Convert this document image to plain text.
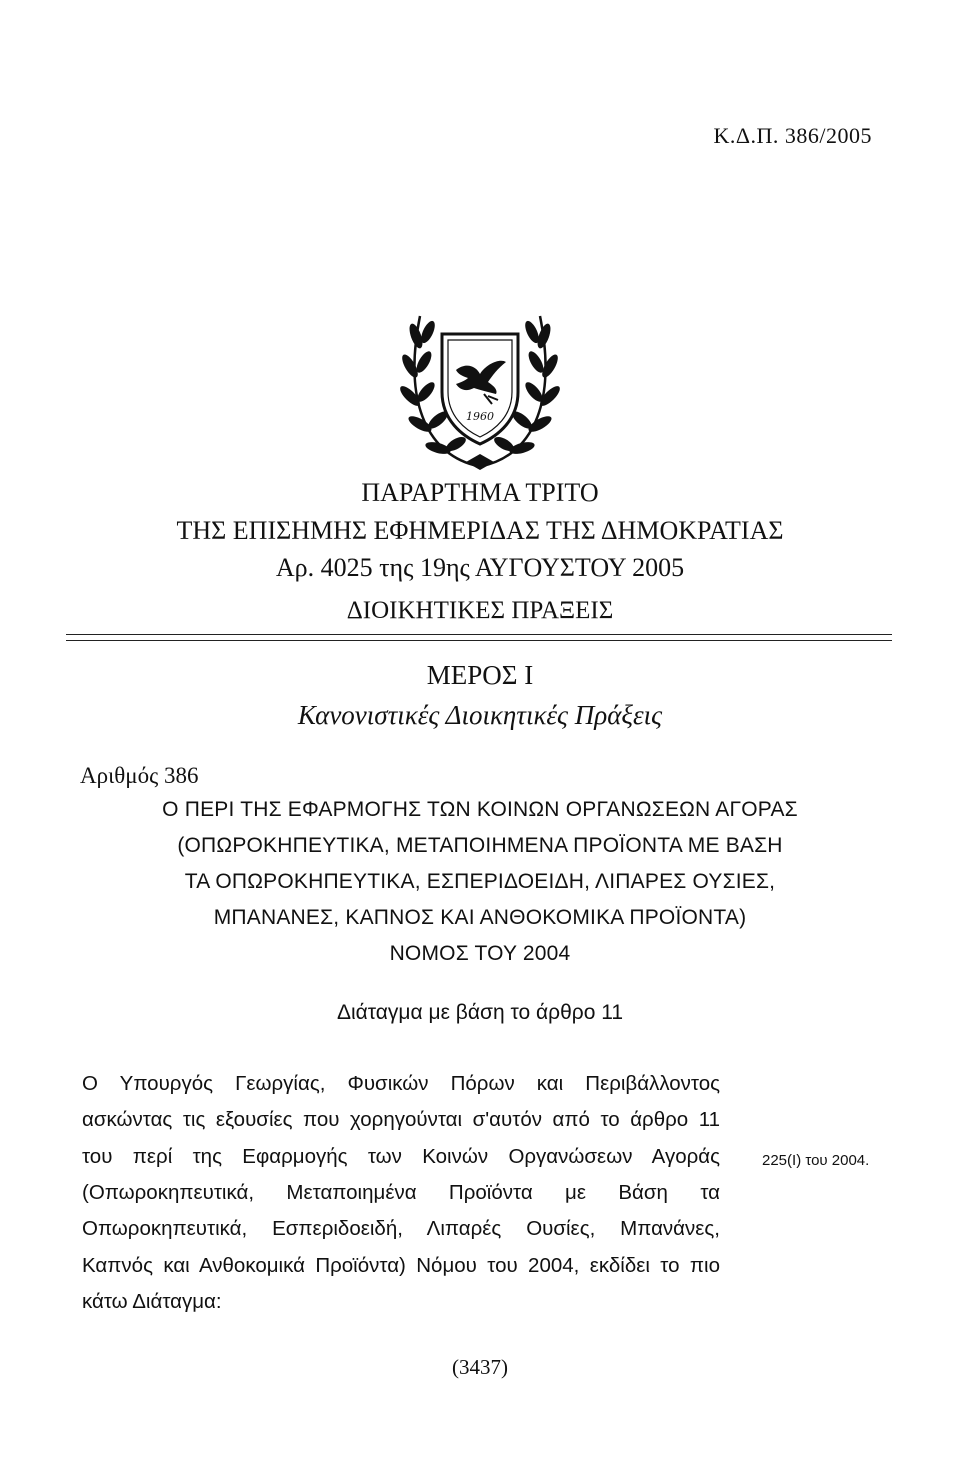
Κ.Δ.Π. 386/2005
1960
ΠΑΡΑΡΤΗΜΑ ΤΡΙΤΟ
ΤΗΣ ΕΠΙΣΗΜΗΣ ΕΦΗΜΕΡΙΔΑΣ ΤΗΣ ΔΗΜΟΚΡΑΤΙΑΣ
Αρ. 4025 της 19ης ΑΥΓΟΥΣΤΟΥ 2005
ΔΙΟΙΚΗΤΙΚΕΣ ΠΡΑΞΕΙΣ
ΜΕΡΟΣ Ι
Κανονιστικές Διοικητικές Πράξεις
Αριθμός 386
Ο ΠΕΡΙ ΤΗΣ ΕΦΑΡΜΟΓΗΣ ΤΩΝ ΚΟΙΝΩΝ ΟΡΓΑΝΩΣΕΩΝ ΑΓΟΡΑΣ
(ΟΠΩΡΟΚΗΠΕΥΤΙΚΑ, ΜΕΤΑΠΟΙΗΜΕΝΑ ΠΡΟΪΟΝΤΑ ΜΕ ΒΑΣΗ
ΤΑ ΟΠΩΡΟΚΗΠΕΥΤΙΚΑ, ΕΣΠΕΡΙΔΟΕΙΔΗ, ΛΙΠΑΡΕΣ ΟΥΣΙΕΣ,
ΜΠΑΝΑΝΕΣ, ΚΑΠΝΟΣ ΚΑΙ ΑΝΘΟΚΟΜΙΚΑ ΠΡΟΪΟΝΤΑ)
ΝΟΜΟΣ ΤΟΥ 2004
Διάταγμα με βάση το άρθρο 11
Ο Υπουργός Γεωργίας, Φυσικών Πόρων και Περιβάλλοντος
ασκώντας τις εξουσίες που χορηγούνται σ'αυτόν από το άρθρο 11
του περί της Εφαρμογής των Κοινών Οργανώσεων Αγοράς
(Οπωροκηπευτικά, Μεταποιημένα Προϊόντα με Βάση τα
Οπωροκηπευτικά, Εσπεριδοειδή, Λιπαρές Ουσίες, Μπανάνες,
Καπνός και Ανθοκομικά Προϊόντα) Νόμου του 2004, εκδίδει το πιο
κάτω Διάταγμα:
225(Ι) του 2004.
(3437)
